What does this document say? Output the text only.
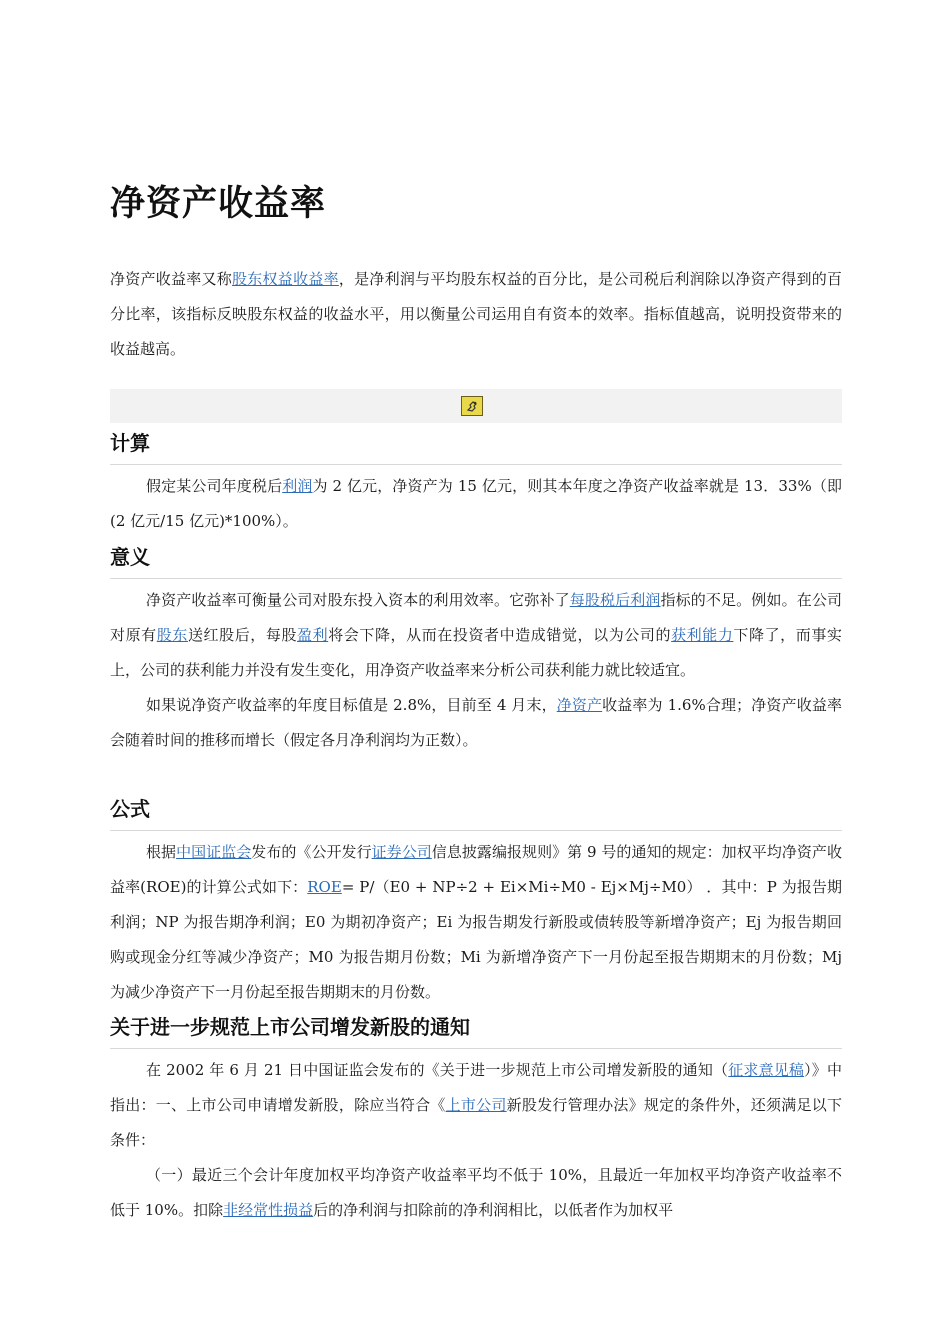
净资产收益率

净资产收益率又称股东权益收益率，是净利润与平均股东权益的百分比，是公司税后利润除以净资产得到的百分比率，该指标反映股东权益的收益水平，用以衡量公司运用自有资本的效率。指标值越高，说明投资带来的收益越高。

计算

假定某公司年度税后利润为 2 亿元，净资产为 15 亿元，则其本年度之净资产收益率就是 13．33%（即(2 亿元/15 亿元)*100%）。

意义

净资产收益率可衡量公司对股东投入资本的利用效率。它弥补了每股税后利润指标的不足。例如。在公司对原有股东送红股后，每股盈利将会下降，从而在投资者中造成错觉，以为公司的获利能力下降了，而事实上，公司的获利能力并没有发生变化，用净资产收益率来分析公司获利能力就比较适宜。

如果说净资产收益率的年度目标值是 2.8%，目前至 4 月末，净资产收益率为 1.6%合理；净资产收益率会随着时间的推移而增长（假定各月净利润均为正数）。

公式

根据中国证监会发布的《公开发行证券公司信息披露编报规则》第 9 号的通知的规定：加权平均净资产收益率(ROE)的计算公式如下：ROE= P/（E0 + NP÷2 + Ei×Mi÷M0 - Ej×Mj÷M0） ．其中：P 为报告期利润；NP 为报告期净利润；E0 为期初净资产；Ei 为报告期发行新股或债转股等新增净资产；Ej 为报告期回购或现金分红等减少净资产；M0 为报告期月份数；Mi 为新增净资产下一月份起至报告期期末的月份数；Mj 为减少净资产下一月份起至报告期期末的月份数。

关于进一步规范上市公司增发新股的通知

在 2002 年 6 月 21 日中国证监会发布的《关于进一步规范上市公司增发新股的通知（征求意见稿）》中指出：一、上市公司申请增发新股，除应当符合《上市公司新股发行管理办法》规定的条件外，还须满足以下条件：

（一）最近三个会计年度加权平均净资产收益率平均不低于 10%，且最近一年加权平均净资产收益率不低于 10%。扣除非经常性损益后的净利润与扣除前的净利润相比，以低者作为加权平
